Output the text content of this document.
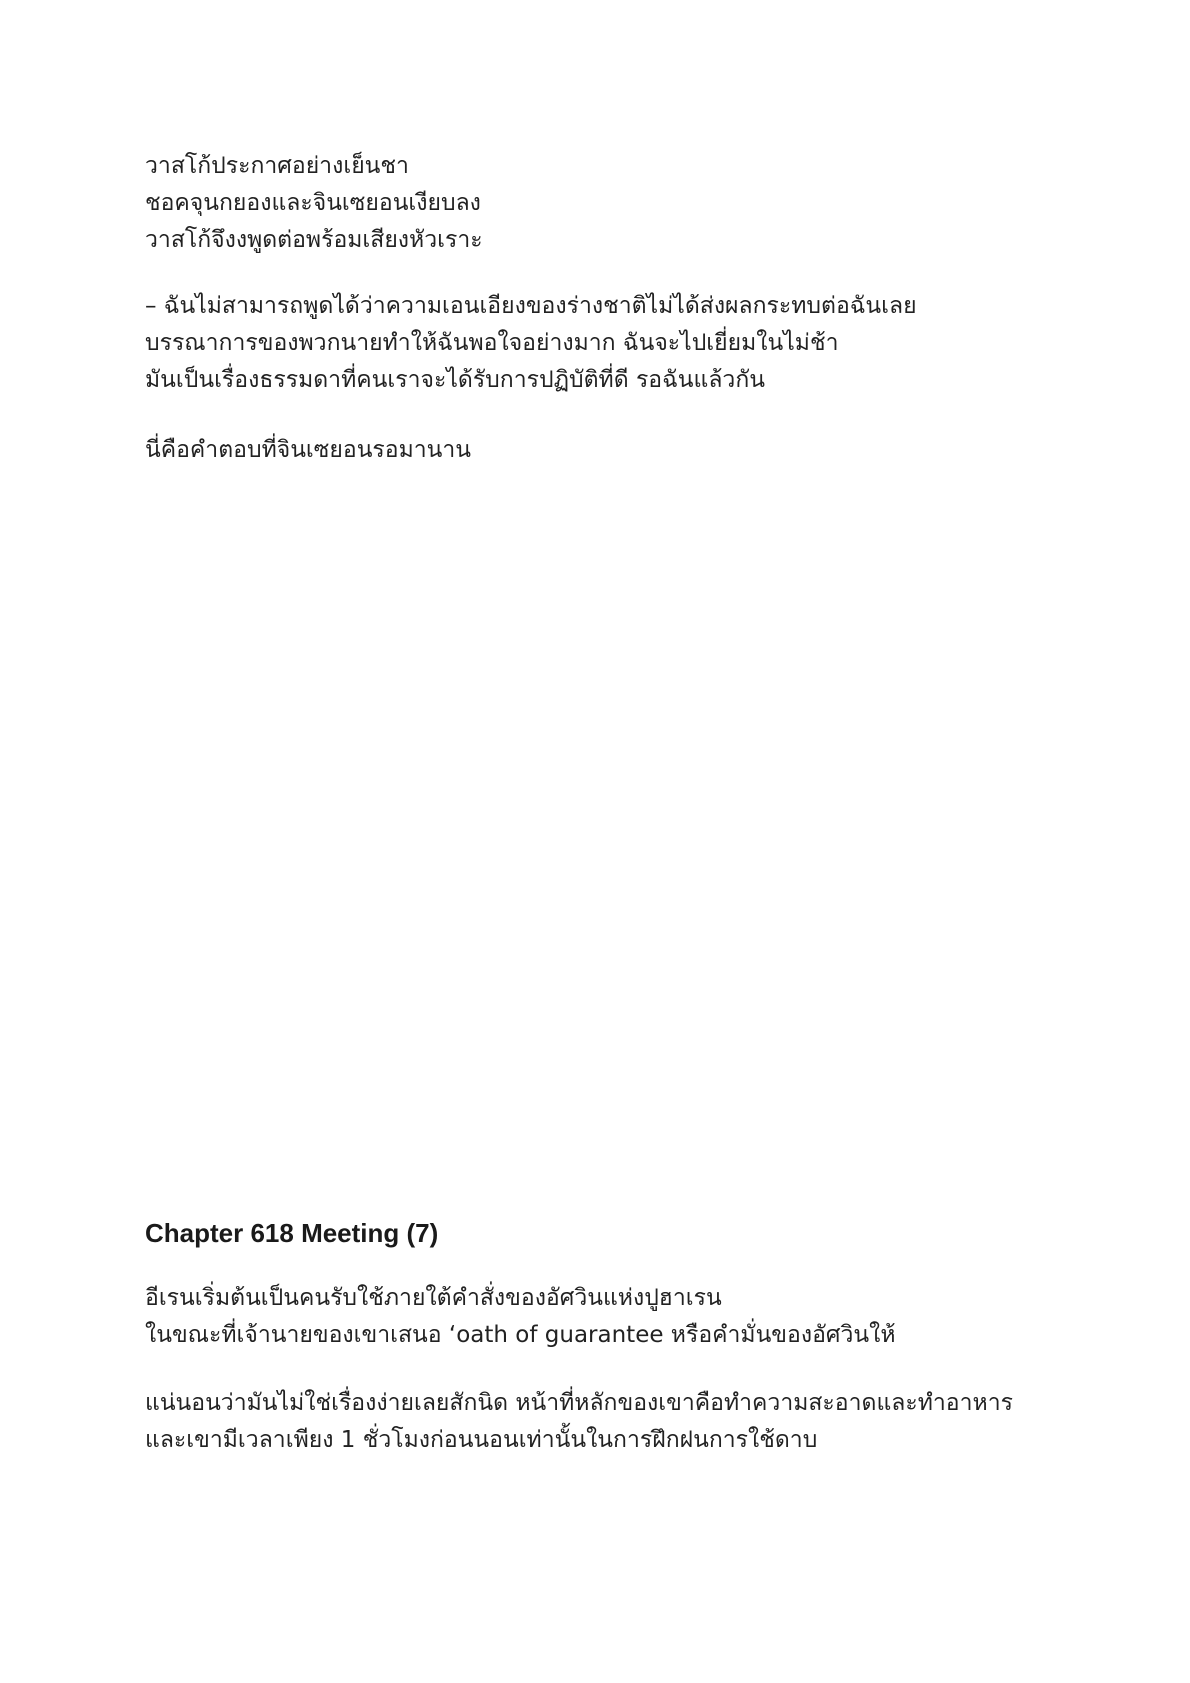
วาสโก้ประกาศอย่างเย็นชา
ชอคจุนกยองและจินเซยอนเงียบลง
วาสโก้จึงงพูดต่อพร้อมเสียงหัวเราะ
– ฉันไม่สามารถพูดได้ว่าความเอนเอียงของร่างชาติไม่ได้ส่งผลกระทบต่อฉันเลย
บรรณาการของพวกนายทำให้ฉันพอใจอย่างมาก ฉันจะไปเยี่ยมในไม่ช้า
มันเป็นเรื่องธรรมดาที่คนเราจะได้รับการปฏิบัติที่ดี รอฉันแล้วกัน
นี่คือคำตอบที่จินเซยอนรอมานาน
Chapter 618 Meeting (7)
อีเรนเริ่มต้นเป็นคนรับใช้ภายใต้คำสั่งของอัศวินแห่งปูฮาเรน
ในขณะที่เจ้านายของเขาเสนอ ‘oath of guarantee หรือคำมั่นของอัศวินให้
แน่นอนว่ามันไม่ใช่เรื่องง่ายเลยสักนิด หน้าที่หลักของเขาคือทำความสะอาดและทำอาหาร
และเขามีเวลาเพียง 1 ชั่วโมงก่อนนอนเท่านั้นในการฝึกฝนการใช้ดาบ
